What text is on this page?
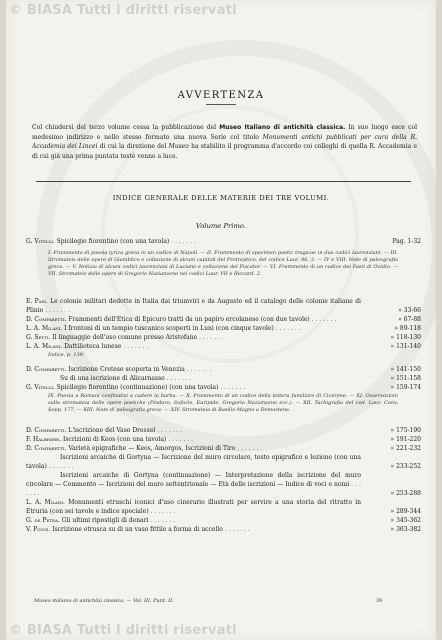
© BIASA Tutti i diritti riservati
AVVERTENZA
Col chiudersi del terzo volume cessa la pubblicazione del Museo Italiano di antichità classica. In suo luogo esce col medesimo indirizzo e nello stesso formato una nuova Serie col titolo Monumenti antichi pubblicati per cura della R. Accademia dei Lincei di cui la direzione del Museo ha stabilito il programma d'accordo coi colleghi di quella R. Accademia e di cui già una prima puntata testè venne a luce.
INDICE GENERALE DELLE MATERIE DEI TRE VOLUMI.
Volume Primo.
G. Vitelli. Spicilegio fiorentino (con una tavola) . . . . . . .	Pag. 1-32
I. Frammento di poesia lyrica greca in un codice di Napoli. — II. Frammento di specimen poetic tragicae in due codici laurenziani. — III. Stromateis delle opere di Giamblico e collazione di alcuni capitoli del Protreptico, del codice Laur. 86, 3. — IV e VIII. Note di paleografia greca. — V. Notizia di alcuni codici laurenziani di Luciano e collazione del Piscator. — VI. Frammento di un codice dei Fasti di Ovidio. — VII. Stromateis delle opere di Gregorio Nazianzeno nei codici Laur. VII e Riccard. 2.
E. Pais. Le colonie militari dedotte in Italia dai triumviri e da Augusto ed il catalogo delle colonie italiane di Plinio . . . . . . .	» 33-66
D. Comparetti. Frammenti dell'Etica di Epicuro tratti da un papiro ercolanese (con due tavole) . . . . . . .	» 67-88
L. A. Milani. I frontoni di un tempio tuscanico scoperti in Luni (con cinque tavole) . . . . . . .	» 89-118
G. Setti. Il linguaggio dell'uso comune presso Aristofane . . . . . . .	» 118-130
L. A. Milani. Dattilioteca lunese . . . . . . .	» 131-140
Indice, p. 139.
D. Comparetti. Iscrizione Cretese scoperta in Venezia . . . . . . .	» 141-150
Su di una iscrizione di Alicarnasso . . . . . . .	» 151-158
G. Vitelli. Spicilegio fiorentino (continuazione) (con una tavola) . . . . . . .	» 159-174
IX. Poesia a Romani confinatisi a cadere la barba. — X. Frammento di un codice della lettera familiare di Cicerone. — XI. Osservazioni sulla stromateia delle opere poetiche (Pindaro, Sofocle, Euripide, Gregorio Nazianzeno ecc.). — XII. Tachigrafia del cod. Laur. Conv. Sopp. 177. — XIII. Note di paleografia greca. — XIV. Stromateia di Basilio Magno a Demostene.
D. Comparetti. L'iscrizione del Vaso Dressel . . . . . . .	» 175-190
F. Halbherr. Iscrizioni di Keos (con una tavola) . . . . . . .	» 191-220
D. Comparetti. Varietà epigrafiche — Keos, Amorgos, Iscrizioni di Tiro . . . . . . .	» 221-232
Iscrizioni arcaiche di Gortyna — Iscrizione del muro circolare, testo epigrafico e lezione (con una tavola) . . . . . . .	» 233-252
Iscrizioni arcaiche di Gortyna (continuazione) — Interpretazione della iscrizione del muro circolare — Commento — Iscrizioni del muro settentrionale — Età delle iscrizioni — Indice di voci e nomi . . . . . . .	» 253-288
L. A. Milani. Monumenti etruschi iconici d'uso cinerario illustrati per servire a una storia del ritratto in Etruria (con sei tavole e indice speciale) . . . . . . .	» 289-344
G. de Petra. Gli ultimi ripostigli di denari . . . . . . .	» 345-362
V. Poggi. Iscrizione etrusca su di un vaso fittile a forma di uccello . . . . . . .	» 363-382
Museo italiano di antichità classica. — Vol. III. Punt. II.	39
© BIASA Tutti i diritti riservati
